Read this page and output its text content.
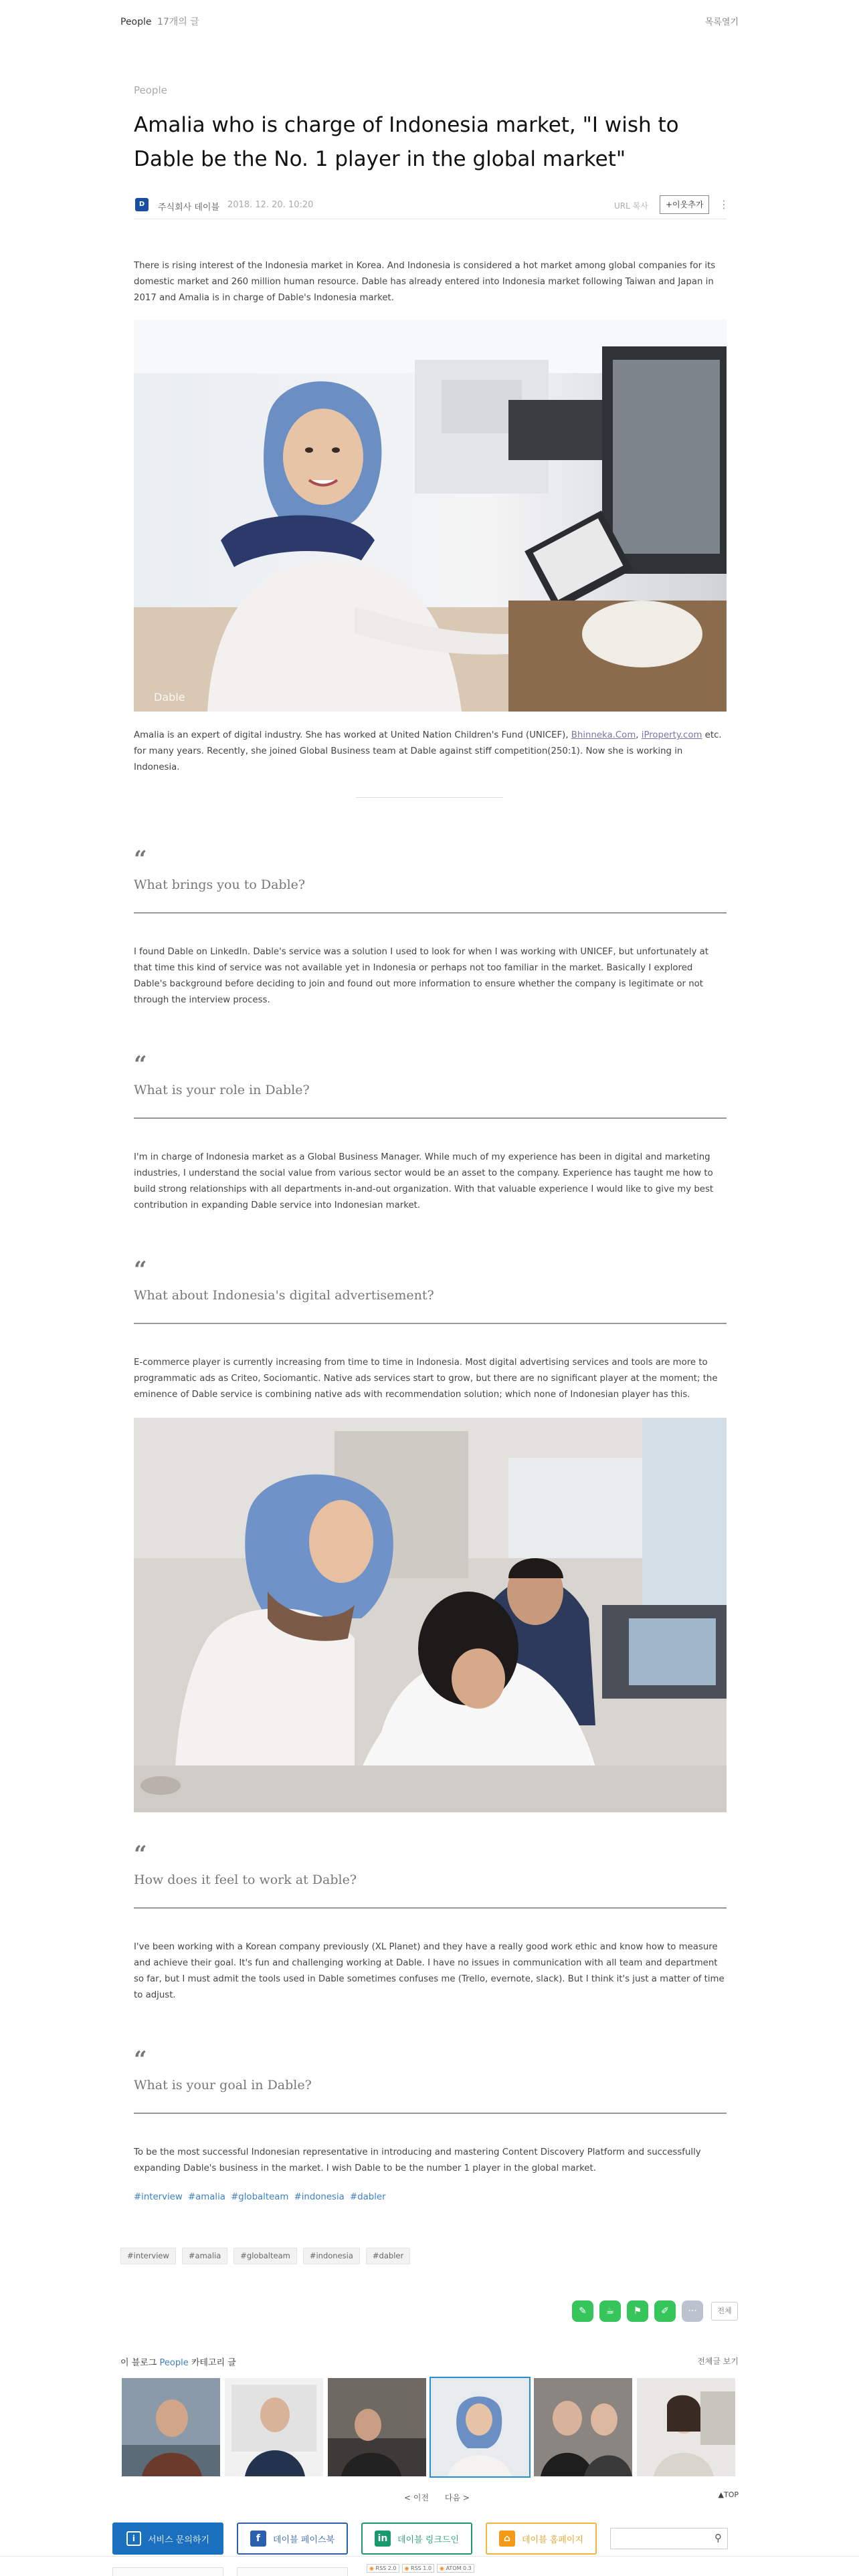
People 17개의 글	목록열기
People
Amalia who is charge of Indonesia market, "I wish to Dable be the No. 1 player in the global market"
D	주식회사 데이블 2018. 12. 20. 10:20	URL 복사	+이웃추가	⋮

There is rising interest of the Indonesia market in Korea. And Indonesia is considered a hot market among global companies for its domestic market and 260 million human resource. Dable has already entered into Indonesia market following Taiwan and Japan in 2017 and Amalia is in charge of Dable's Indonesia market.

Dable

Amalia is an expert of digital industry. She has worked at United Nation Children's Fund (UNICEF), Bhinneka.Com, iProperty.com etc. for many years. Recently, she joined Global Business team at Dable against stiff competition(250:1). Now she is working in Indonesia.

“
What brings you to Dable?

I found Dable on LinkedIn. Dable's service was a solution I used to look for when I was working with UNICEF, but unfortunately at that time this kind of service was not available yet in Indonesia or perhaps not too familiar in the market. Basically I explored Dable's background before deciding to join and found out more information to ensure whether the company is legitimate or not through the interview process.

“
What is your role in Dable?

I'm in charge of Indonesia market as a Global Business Manager. While much of my experience has been in digital and marketing industries, I understand the social value from various sector would be an asset to the company. Experience has taught me how to build strong relationships with all departments in-and-out organization. With that valuable experience I would like to give my best contribution in expanding Dable service into Indonesian market.

“
What about Indonesia's digital advertisement?

E-commerce player is currently increasing from time to time in Indonesia. Most digital advertising services and tools are more to programmatic ads as Criteo, Sociomantic. Native ads services start to grow, but there are no significant player at the moment; the eminence of Dable service is combining native ads with recommendation solution; which none of Indonesian player has this.

“
How does it feel to work at Dable?

I've been working with a Korean company previously (XL Planet) and they have a really good work ethic and know how to measure and achieve their goal. It's fun and challenging working at Dable. I have no issues in communication with all team and department so far, but I must admit the tools used in Dable sometimes confuses me (Trello, evernote, slack). But I think it's just a matter of time to adjust.

“
What is your goal in Dable?

To be the most successful Indonesian representative in introducing and mastering Content Discovery Platform and successfully expanding Dable's business in the market. I wish Dable to be the number 1 player in the global market.

#interview #amalia #globalteam #indonesia #dabler
#interview	#amalia	#globalteam	#indonesia	#dabler
✎	☕	⚑	✐	···	전체
이 블로그 People 카테고리 글	전체글 보기
< 이전 다음 >	▲TOP
i	서비스 문의하기	f	데이블 페이스북	in	데이블 링크드인	⌂	데이블 홈페이지	⚲
◉ RSS 2.0	◉ RSS 1.0	◉ ATOM 0.3
